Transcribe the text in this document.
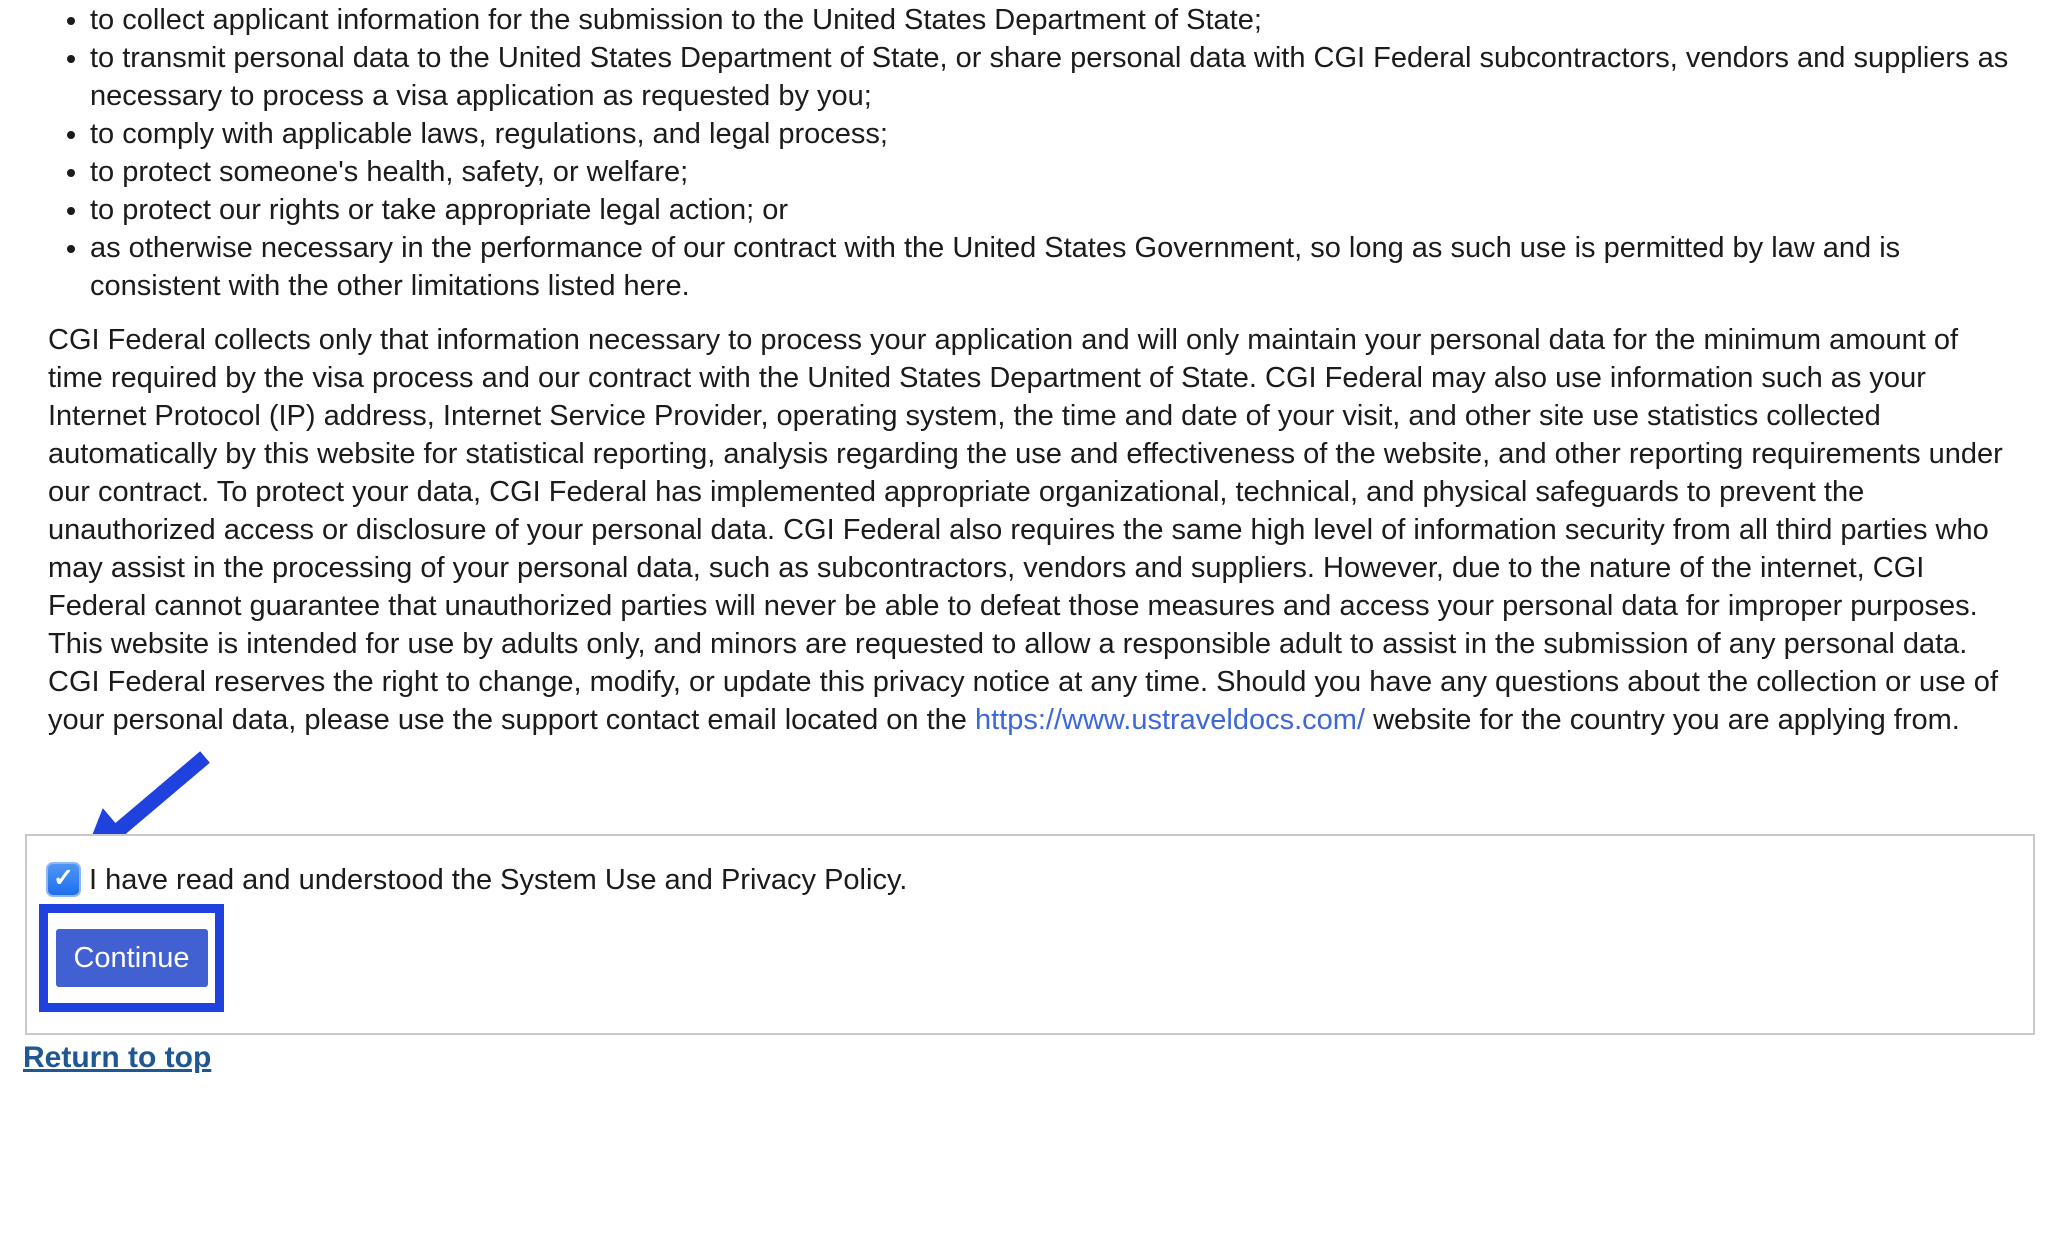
• to collect applicant information for the submission to the United States Department of State;
• to transmit personal data to the United States Department of State, or share personal data with CGI Federal subcontractors, vendors and suppliers as necessary to process a visa application as requested by you;
• to comply with applicable laws, regulations, and legal process;
• to protect someone's health, safety, or welfare;
• to protect our rights or take appropriate legal action; or
• as otherwise necessary in the performance of our contract with the United States Government, so long as such use is permitted by law and is consistent with the other limitations listed here.

CGI Federal collects only that information necessary to process your application and will only maintain your personal data for the minimum amount of time required by the visa process and our contract with the United States Department of State. CGI Federal may also use information such as your Internet Protocol (IP) address, Internet Service Provider, operating system, the time and date of your visit, and other site use statistics collected automatically by this website for statistical reporting, analysis regarding the use and effectiveness of the website, and other reporting requirements under our contract. To protect your data, CGI Federal has implemented appropriate organizational, technical, and physical safeguards to prevent the unauthorized access or disclosure of your personal data. CGI Federal also requires the same high level of information security from all third parties who may assist in the processing of your personal data, such as subcontractors, vendors and suppliers. However, due to the nature of the internet, CGI Federal cannot guarantee that unauthorized parties will never be able to defeat those measures and access your personal data for improper purposes. This website is intended for use by adults only, and minors are requested to allow a responsible adult to assist in the submission of any personal data. CGI Federal reserves the right to change, modify, or update this privacy notice at any time. Should you have any questions about the collection or use of your personal data, please use the support contact email located on the https://www.ustraveldocs.com/ website for the country you are applying from.

✓ I have read and understood the System Use and Privacy Policy.
Continue
Return to top
